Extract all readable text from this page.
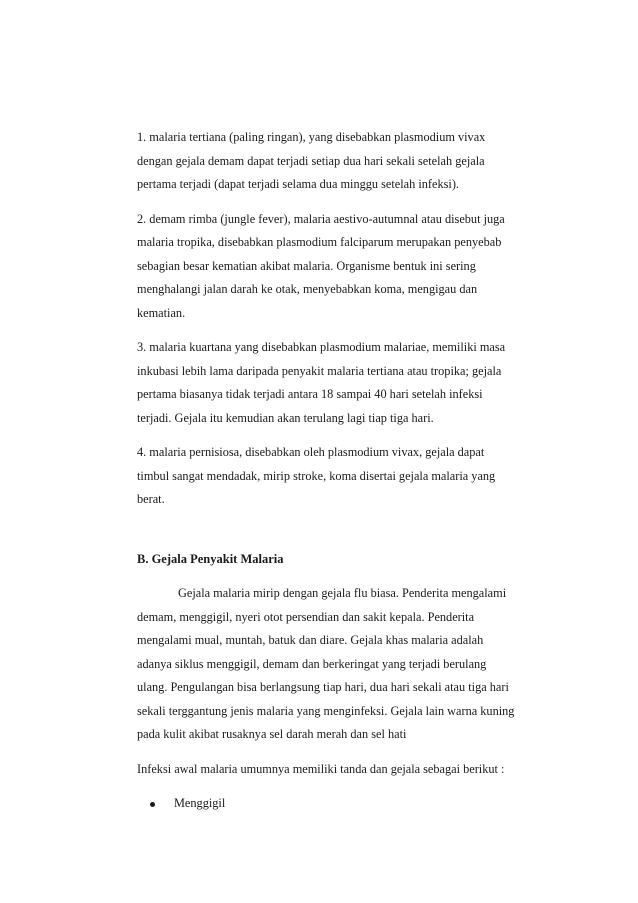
1. malaria tertiana (paling ringan), yang disebabkan plasmodium vivax
dengan gejala demam dapat terjadi setiap dua hari sekali setelah gejala
pertama terjadi (dapat terjadi selama dua minggu setelah infeksi).

2. demam rimba (jungle fever), malaria aestivo-autumnal atau disebut juga
malaria tropika, disebabkan plasmodium falciparum merupakan penyebab
sebagian besar kematian akibat malaria. Organisme bentuk ini sering
menghalangi jalan darah ke otak, menyebabkan koma, mengigau dan
kematian.

3. malaria kuartana yang disebabkan plasmodium malariae, memiliki masa
inkubasi lebih lama daripada penyakit malaria tertiana atau tropika; gejala
pertama biasanya tidak terjadi antara 18 sampai 40 hari setelah infeksi
terjadi. Gejala itu kemudian akan terulang lagi tiap tiga hari.

4. malaria pernisiosa, disebabkan oleh plasmodium vivax, gejala dapat
timbul sangat mendadak, mirip stroke, koma disertai gejala malaria yang
berat.

B. Gejala Penyakit Malaria

Gejala malaria mirip dengan gejala flu biasa. Penderita mengalami
demam, menggigil, nyeri otot persendian dan sakit kepala. Penderita
mengalami mual, muntah, batuk dan diare. Gejala khas malaria adalah
adanya siklus menggigil, demam dan berkeringat yang terjadi berulang
ulang. Pengulangan bisa berlangsung tiap hari, dua hari sekali atau tiga hari
sekali terggantung jenis malaria yang menginfeksi. Gejala lain warna kuning
pada kulit akibat rusaknya sel darah merah dan sel hati

Infeksi awal malaria umumnya memiliki tanda dan gejala sebagai berikut :

Menggigil
